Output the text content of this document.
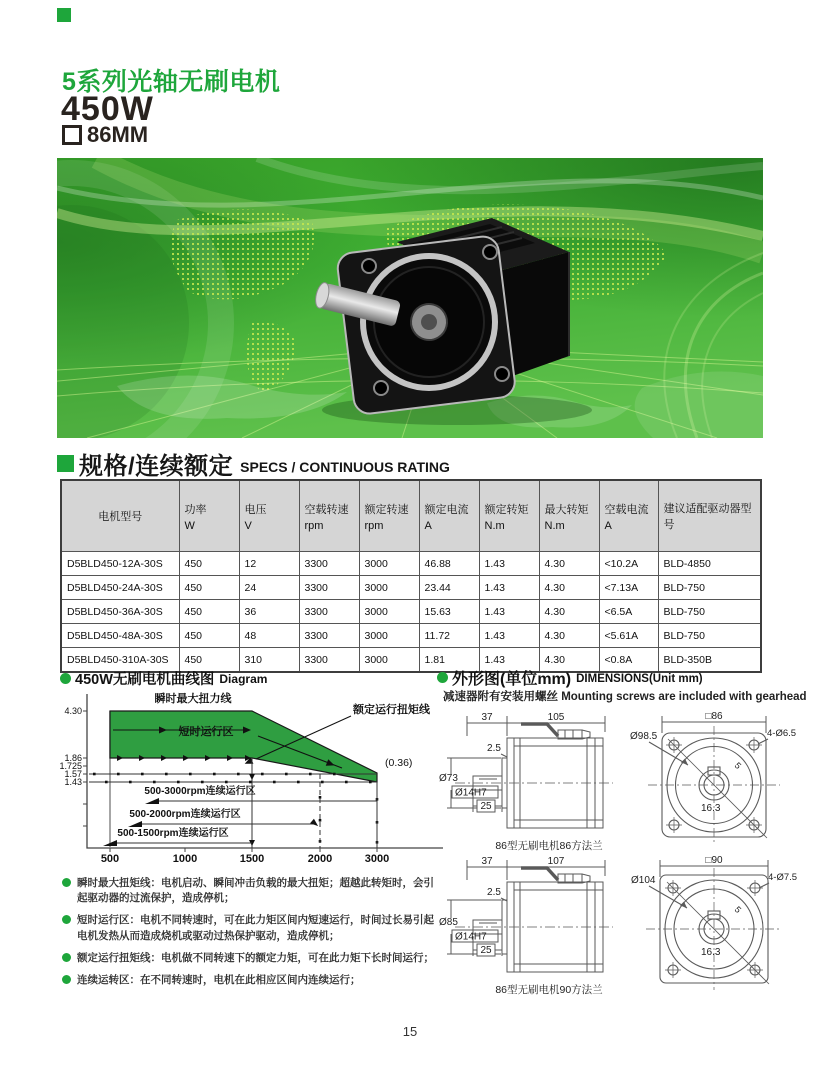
5系列光轴无刷电机
450W
86MM
规格/连续额定 SPECS / CONTINUOUS RATING
电机型号

功率
W

电压
V

空载转速
rpm

额定转速
rpm

额定电流
A

额定转矩
N.m

最大转矩
N.m

空载电流
A

建议适配驱动器型号

D5BLD450-12A-30S	450	12	3300	3000	46.88	1.43	4.30	<10.2A	BLD-4850
D5BLD450-24A-30S	450	24	3300	3000	23.44	1.43	4.30	<7.13A	BLD-750
D5BLD450-36A-30S	450	36	3300	3000	15.63	1.43	4.30	<6.5A	BLD-750
D5BLD450-48A-30S	450	48	3300	3000	11.72	1.43	4.30	<5.61A	BLD-750
D5BLD450-310A-30S	450	310	3300	3000	1.81	1.43	4.30	<0.8A	BLD-350B
450W无刷电机曲线图 Diagram
4.30
1.86
1.725
1.57
1.43
500	1000	1500	2000	3000
瞬时最大扭力线
短时运行区
额定运行扭矩线
(0.36)
500-3000rpm连续运行区
500-2000rpm连续运行区
500-1500rpm连续运行区
瞬时最大扭矩线：电机启动、瞬间冲击负载的最大扭矩；超越此转矩时，会引起驱动器的过流保护，造成停机；
短时运行区：电机不同转速时，可在此力矩区间内短速运行，时间过长易引起电机发热从而造成烧机或驱动过热保护驱动，造成停机；
额定运行扭矩线：电机做不同转速下的额定力矩，可在此力矩下长时间运行；
连续运转区：在不同转速时，电机在此相应区间内连续运行；
外形图(单位mm) DIMENSIONS(Unit mm)
减速器附有安装用螺丝 Mounting screws are included with gearhead
37	105
2.5
Ø73
Ø14H7
25
□86
Ø98.5	4-Ø6.5
16.3
5
86型无刷电机86方法兰
37	107
2.5
Ø85
Ø14H7
25
□90
Ø104	4-Ø7.5
16.3
5
86型无刷电机90方法兰
15
